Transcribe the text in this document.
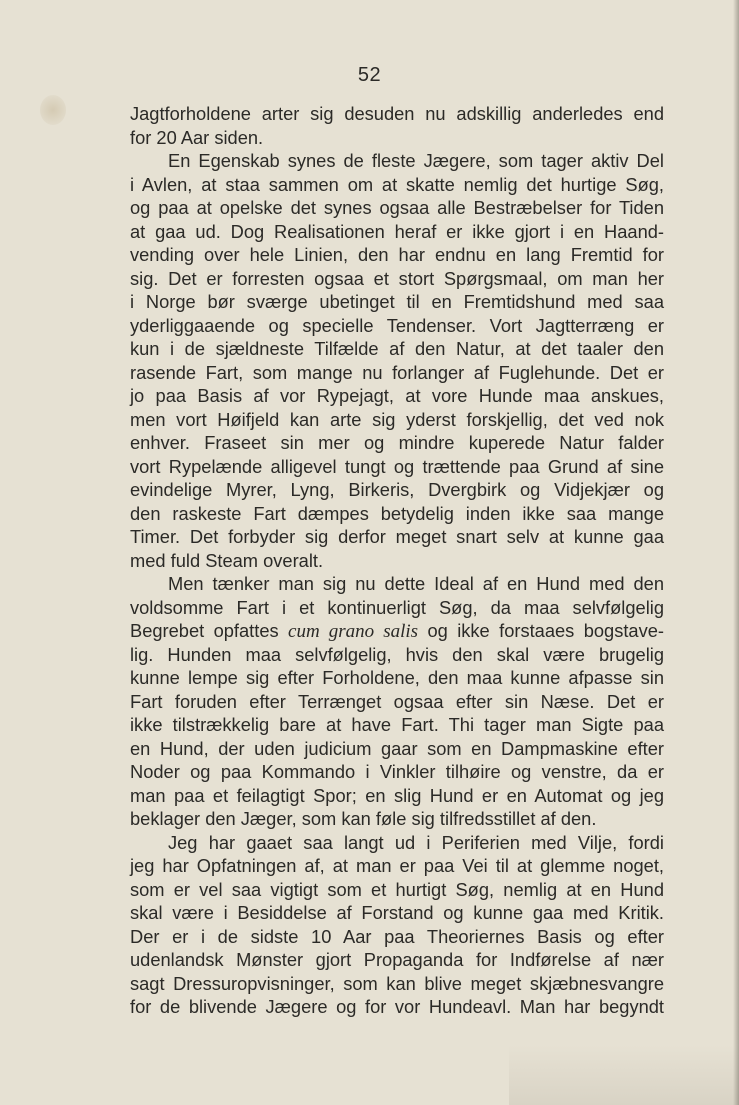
52
Jagtforholdene arter sig desuden nu adskillig anderledes end
for 20 Aar siden.
En Egenskab synes de fleste Jægere, som tager aktiv Del
i Avlen, at staa sammen om at skatte nemlig det hurtige Søg,
og paa at opelske det synes ogsaa alle Bestræbelser for Tiden
at gaa ud. Dog Realisationen heraf er ikke gjort i en Haand-
vending over hele Linien, den har endnu en lang Fremtid for
sig. Det er forresten ogsaa et stort Spørgsmaal, om man her
i Norge bør sværge ubetinget til en Fremtidshund med saa
yderliggaaende og specielle Tendenser. Vort Jagtterræng er
kun i de sjældneste Tilfælde af den Natur, at det taaler den
rasende Fart, som mange nu forlanger af Fuglehunde. Det er
jo paa Basis af vor Rypejagt, at vore Hunde maa anskues,
men vort Høifjeld kan arte sig yderst forskjellig, det ved nok
enhver. Fraseet sin mer og mindre kuperede Natur falder
vort Rypelænde alligevel tungt og trættende paa Grund af sine
evindelige Myrer, Lyng, Birkeris, Dvergbirk og Vidjekjær og
den raskeste Fart dæmpes betydelig inden ikke saa mange
Timer. Det forbyder sig derfor meget snart selv at kunne gaa
med fuld Steam overalt.
Men tænker man sig nu dette Ideal af en Hund med den
voldsomme Fart i et kontinuerligt Søg, da maa selvfølgelig
Begrebet opfattes cum grano salis og ikke forstaaes bogstave-
lig. Hunden maa selvfølgelig, hvis den skal være brugelig
kunne lempe sig efter Forholdene, den maa kunne afpasse sin
Fart foruden efter Terrænget ogsaa efter sin Næse. Det er
ikke tilstrækkelig bare at have Fart. Thi tager man Sigte paa
en Hund, der uden judicium gaar som en Dampmaskine efter
Noder og paa Kommando i Vinkler tilhøire og venstre, da er
man paa et feilagtigt Spor; en slig Hund er en Automat og jeg
beklager den Jæger, som kan føle sig tilfredsstillet af den.
Jeg har gaaet saa langt ud i Periferien med Vilje, fordi
jeg har Opfatningen af, at man er paa Vei til at glemme noget,
som er vel saa vigtigt som et hurtigt Søg, nemlig at en Hund
skal være i Besiddelse af Forstand og kunne gaa med Kritik.
Der er i de sidste 10 Aar paa Theoriernes Basis og efter
udenlandsk Mønster gjort Propaganda for Indførelse af nær
sagt Dressuropvisninger, som kan blive meget skjæbnesvangre
for de blivende Jægere og for vor Hundeavl. Man har begyndt
